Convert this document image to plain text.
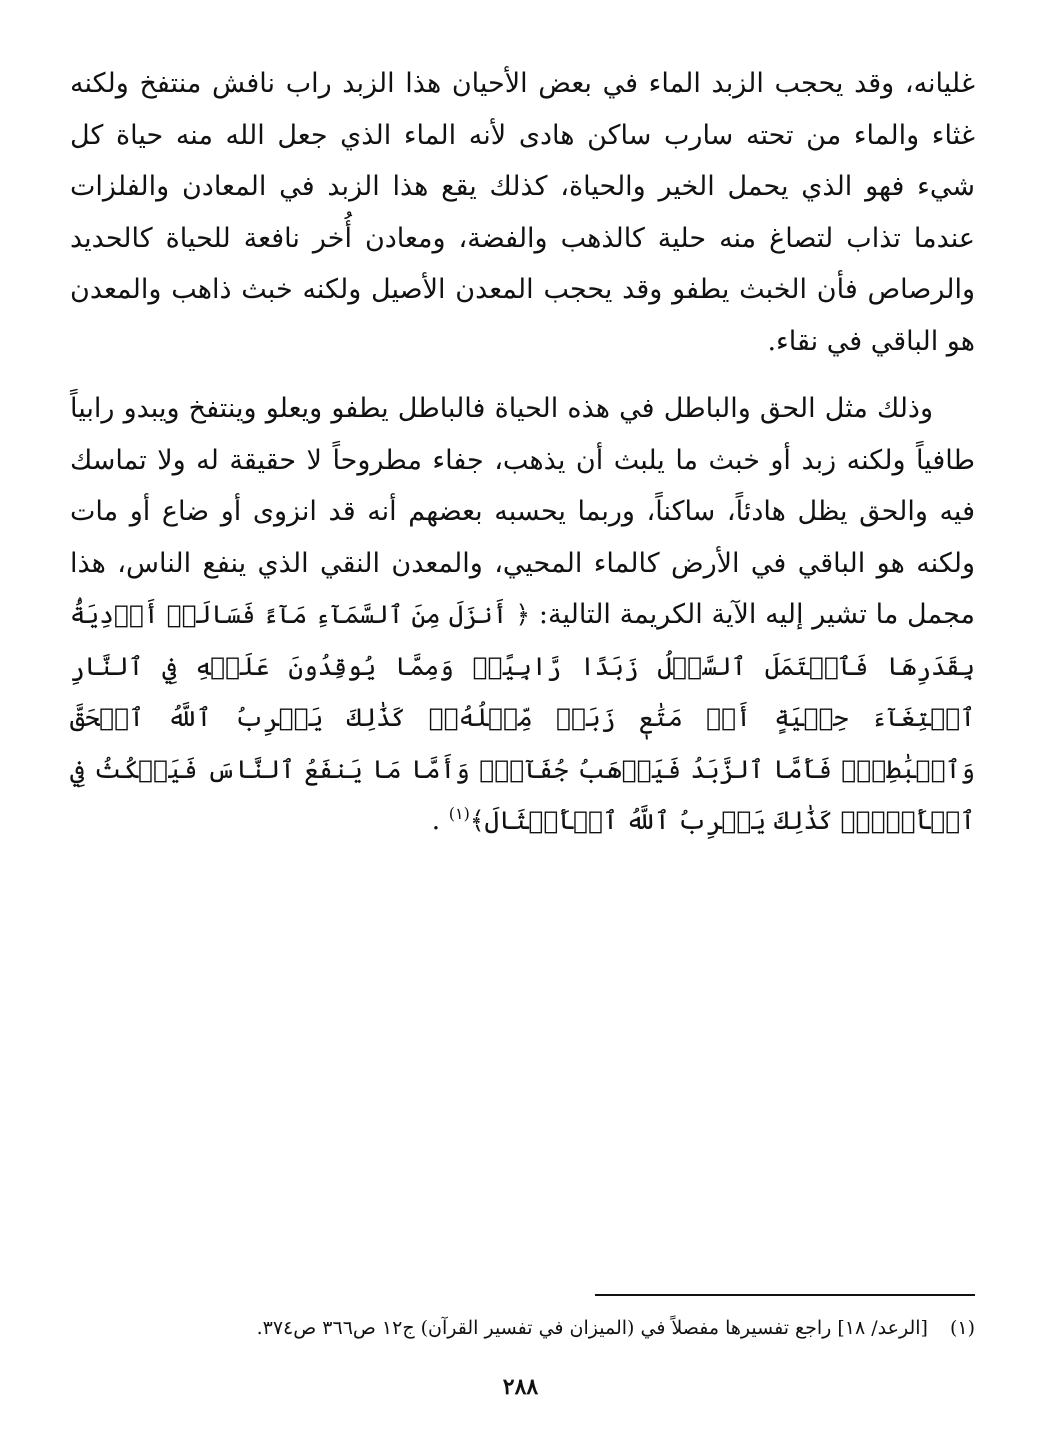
غليانه، وقد يحجب الزبد الماء في بعض الأحيان هذا الزبد راب نافش منتفخ ولكنه غثاء والماء من تحته سارب ساكن هادى لأنه الماء الذي جعل الله منه حياة كل شيء فهو الذي يحمل الخير والحياة، كذلك يقع هذا الزبد في المعادن والفلزات عندما تذاب لتصاغ منه حلية كالذهب والفضة، ومعادن أُخر نافعة للحياة كالحديد والرصاص فأن الخبث يطفو وقد يحجب المعدن الأصيل ولكنه خبث ذاهب والمعدن هو الباقي في نقاء.

وذلك مثل الحق والباطل في هذه الحياة فالباطل يطفو ويعلو وينتفخ ويبدو رابياً طافياً ولكنه زبد أو خبث ما يلبث أن يذهب، جفاء مطروحاً لا حقيقة له ولا تماسك فيه والحق يظل هادئاً، ساكناً، وربما يحسبه بعضهم أنه قد انزوى أو ضاع أو مات ولكنه هو الباقي في الأرض كالماء المحيي، والمعدن النقي الذي ينفع الناس، هذا مجمل ما تشير إليه الآية الكريمة التالية: ﴿ أَنزَلَ مِنَ ٱلسَّمَآءِ مَآءً فَسَالَتۡ أَوۡدِيَةُۢ بِقَدَرِهَا فَٱحۡتَمَلَ ٱلسَّيۡلُ زَبَدًا رَّابِيًاۖ وَمِمَّا يُوقِدُونَ عَلَيۡهِ فِي ٱلنَّارِ ٱبۡتِغَآءَ حِلۡيَةٍ أَوۡ مَتَٰعٖ زَبَدٞ مِّثۡلُهُۥۚ كَذَٰلِكَ يَضۡرِبُ ٱللَّهُ ٱلۡحَقَّ وَٱلۡبَٰطِلَۚ فَأَمَّا ٱلزَّبَدُ فَيَذۡهَبُ جُفَآءٗۖ وَأَمَّا مَا يَنفَعُ ٱلنَّاسَ فَيَمۡكُثُ فِي ٱلۡأَرۡضِۚ كَذَٰلِكَ يَضۡرِبُ ٱللَّهُ ٱلۡأَمۡثَالَ﴾$^{(١)}$ .

(١)[الرعد/ ١٨] راجع تفسيرها مفصلاً في (الميزان في تفسير القرآن) ج١٢ ص٣٦٦ ص٣٧٤.
٢٨٨
